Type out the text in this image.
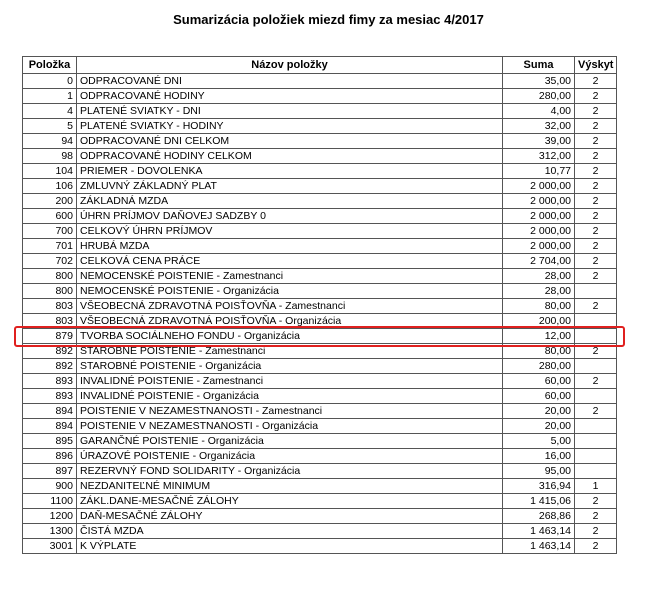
Sumarizácia položiek miezd fimy za mesiac 4/2017
Položka	Názov položky	Suma	Výskyt
0	ODPRACOVANÉ DNI	35,00	2
1	ODPRACOVANÉ HODINY	280,00	2
4	PLATENÉ SVIATKY - DNI	4,00	2
5	PLATENÉ SVIATKY - HODINY	32,00	2
94	ODPRACOVANÉ DNI CELKOM	39,00	2
98	ODPRACOVANÉ HODINY CELKOM	312,00	2
104	PRIEMER - DOVOLENKA	10,77	2
106	ZMLUVNÝ ZÁKLADNÝ PLAT	2 000,00	2
200	ZÁKLADNÁ MZDA	2 000,00	2
600	ÚHRN PRÍJMOV DAŇOVEJ SADZBY 0	2 000,00	2
700	CELKOVÝ ÚHRN PRÍJMOV	2 000,00	2
701	HRUBÁ MZDA	2 000,00	2
702	CELKOVÁ CENA PRÁCE	2 704,00	2
800	NEMOCENSKÉ POISTENIE - Zamestnanci	28,00	2
800	NEMOCENSKÉ POISTENIE - Organizácia	28,00	
803	VŠEOBECNÁ ZDRAVOTNÁ POISŤOVŇA - Zamestnanci	80,00	2
803	VŠEOBECNÁ ZDRAVOTNÁ POISŤOVŇA - Organizácia	200,00	
879	TVORBA SOCIÁLNEHO FONDU - Organizácia	12,00	
892	STAROBNÉ POISTENIE - Zamestnanci	80,00	2
892	STAROBNÉ POISTENIE - Organizácia	280,00	
893	INVALIDNÉ POISTENIE - Zamestnanci	60,00	2
893	INVALIDNÉ POISTENIE - Organizácia	60,00	
894	POISTENIE V NEZAMESTNANOSTI - Zamestnanci	20,00	2
894	POISTENIE V NEZAMESTNANOSTI - Organizácia	20,00	
895	GARANČNÉ POISTENIE - Organizácia	5,00	
896	ÚRAZOVÉ POISTENIE - Organizácia	16,00	
897	REZERVNÝ FOND SOLIDARITY - Organizácia	95,00	
900	NEZDANITEĽNÉ MINIMUM	316,94	1
1100	ZÁKL.DANE-MESAČNÉ ZÁLOHY	1 415,06	2
1200	DAŇ-MESAČNÉ ZÁLOHY	268,86	2
1300	ČISTÁ MZDA	1 463,14	2
3001	K VÝPLATE	1 463,14	2
